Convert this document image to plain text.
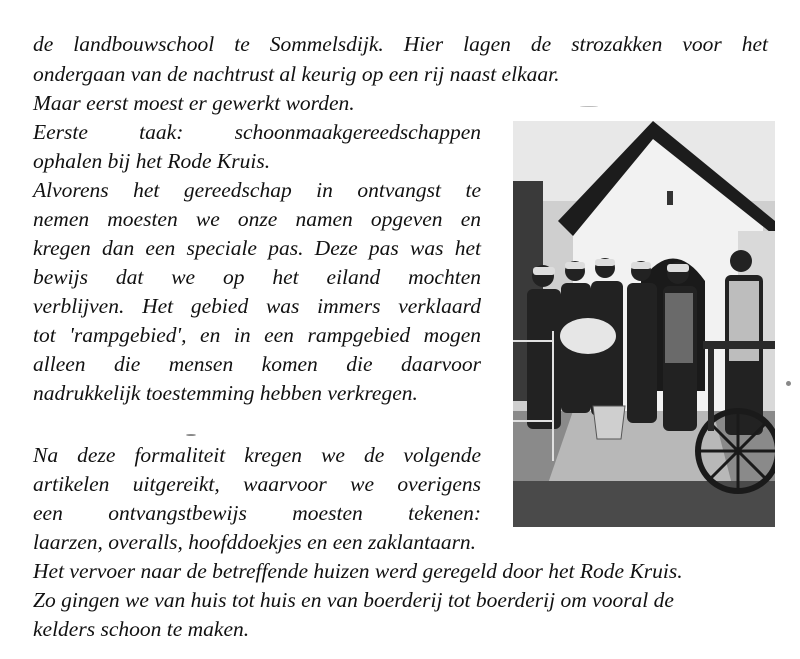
de landbouwschool te Sommelsdijk. Hier lagen de strozakken voor het
ondergaan van de nachtrust al keurig op een rij naast elkaar.
Maar eerst moest er gewerkt worden.
Eerste taak: schoonmaakgereedschappen
ophalen bij het Rode Kruis.
Alvorens het gereedschap in ontvangst te
nemen moesten we onze namen opgeven en
kregen dan een speciale pas. Deze pas was het
bewijs dat we op het eiland mochten
verblijven. Het gebied was immers verklaard
tot 'rampgebied', en in een rampgebied mogen
alleen die mensen komen die daarvoor
nadrukkelijk toestemming hebben verkregen.
Na deze formaliteit kregen we de volgende
artikelen uitgereikt, waarvoor we overigens
een ontvangstbewijs moesten tekenen:
laarzen, overalls, hoofddoekjes en een zaklantaarn.
Het vervoer naar de betreffende huizen werd geregeld door het Rode Kruis.
Zo gingen we van huis tot huis en van boerderij tot boerderij om vooral de
kelders schoon te maken.
